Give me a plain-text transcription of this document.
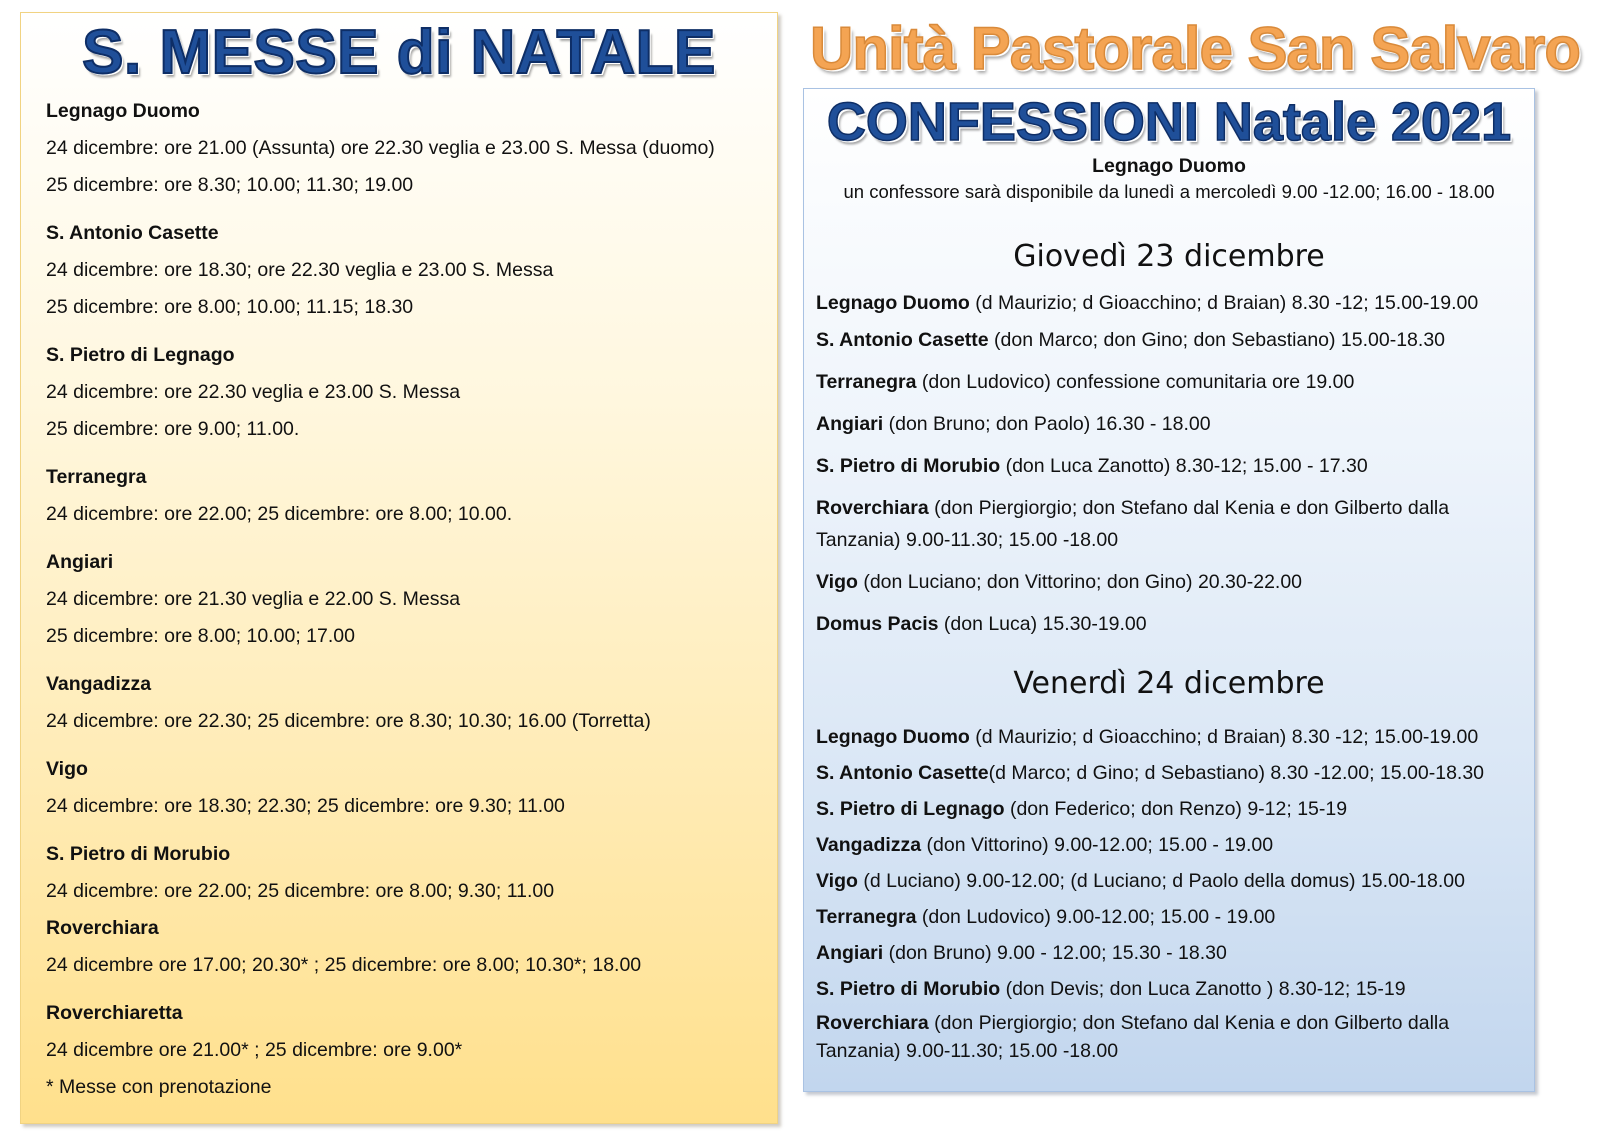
S. MESSE di NATALE
Legnago Duomo
24 dicembre: ore 21.00 (Assunta) ore 22.30 veglia e 23.00 S. Messa (duomo)
25 dicembre: ore 8.30; 10.00; 11.30; 19.00
S. Antonio Casette
24 dicembre: ore 18.30; ore 22.30 veglia e 23.00 S. Messa
25 dicembre: ore 8.00; 10.00; 11.15; 18.30
S. Pietro di Legnago
24 dicembre: ore 22.30 veglia e 23.00 S. Messa
25 dicembre: ore 9.00; 11.00.
Terranegra
24 dicembre: ore 22.00; 25 dicembre: ore 8.00; 10.00.
Angiari
24 dicembre: ore 21.30 veglia e 22.00 S. Messa
25 dicembre: ore 8.00; 10.00; 17.00
Vangadizza
24 dicembre: ore 22.30; 25 dicembre: ore 8.30; 10.30; 16.00 (Torretta)
Vigo
24 dicembre: ore 18.30; 22.30; 25 dicembre: ore 9.30; 11.00
S. Pietro di Morubio
24 dicembre: ore 22.00; 25 dicembre: ore 8.00; 9.30; 11.00
Roverchiara
24 dicembre ore 17.00; 20.30* ; 25 dicembre: ore 8.00; 10.30*; 18.00
Roverchiaretta
24 dicembre ore 21.00* ; 25 dicembre: ore 9.00*
* Messe con prenotazione
Unità Pastorale San Salvaro
CONFESSIONI Natale 2021
Legnago Duomo
un confessore sarà disponibile da lunedì a mercoledì 9.00 -12.00; 16.00 - 18.00
Giovedì 23 dicembre
Legnago Duomo (d Maurizio; d Gioacchino; d Braian) 8.30 -12; 15.00-19.00
S. Antonio Casette (don Marco; don Gino; don Sebastiano) 15.00-18.30
Terranegra (don Ludovico) confessione comunitaria ore 19.00
Angiari (don Bruno; don Paolo) 16.30 - 18.00
S. Pietro di Morubio (don Luca Zanotto) 8.30-12; 15.00 - 17.30
Roverchiara (don Piergiorgio; don Stefano dal Kenia e don Gilberto dalla Tanzania) 9.00-11.30; 15.00 -18.00
Vigo (don Luciano; don Vittorino; don Gino) 20.30-22.00
Domus Pacis (don Luca) 15.30-19.00
Venerdì 24 dicembre
Legnago Duomo (d Maurizio; d Gioacchino; d Braian) 8.30 -12; 15.00-19.00
S. Antonio Casette(d Marco; d Gino; d Sebastiano) 8.30 -12.00; 15.00-18.30
S. Pietro di Legnago (don Federico; don Renzo) 9-12; 15-19
Vangadizza (don Vittorino) 9.00-12.00; 15.00 - 19.00
Vigo (d Luciano) 9.00-12.00; (d Luciano; d Paolo della domus) 15.00-18.00
Terranegra (don Ludovico) 9.00-12.00; 15.00 - 19.00
Angiari (don Bruno) 9.00 - 12.00; 15.30 - 18.30
S. Pietro di Morubio (don Devis; don Luca Zanotto ) 8.30-12; 15-19
Roverchiara (don Piergiorgio; don Stefano dal Kenia e don Gilberto dalla Tanzania) 9.00-11.30; 15.00 -18.00
